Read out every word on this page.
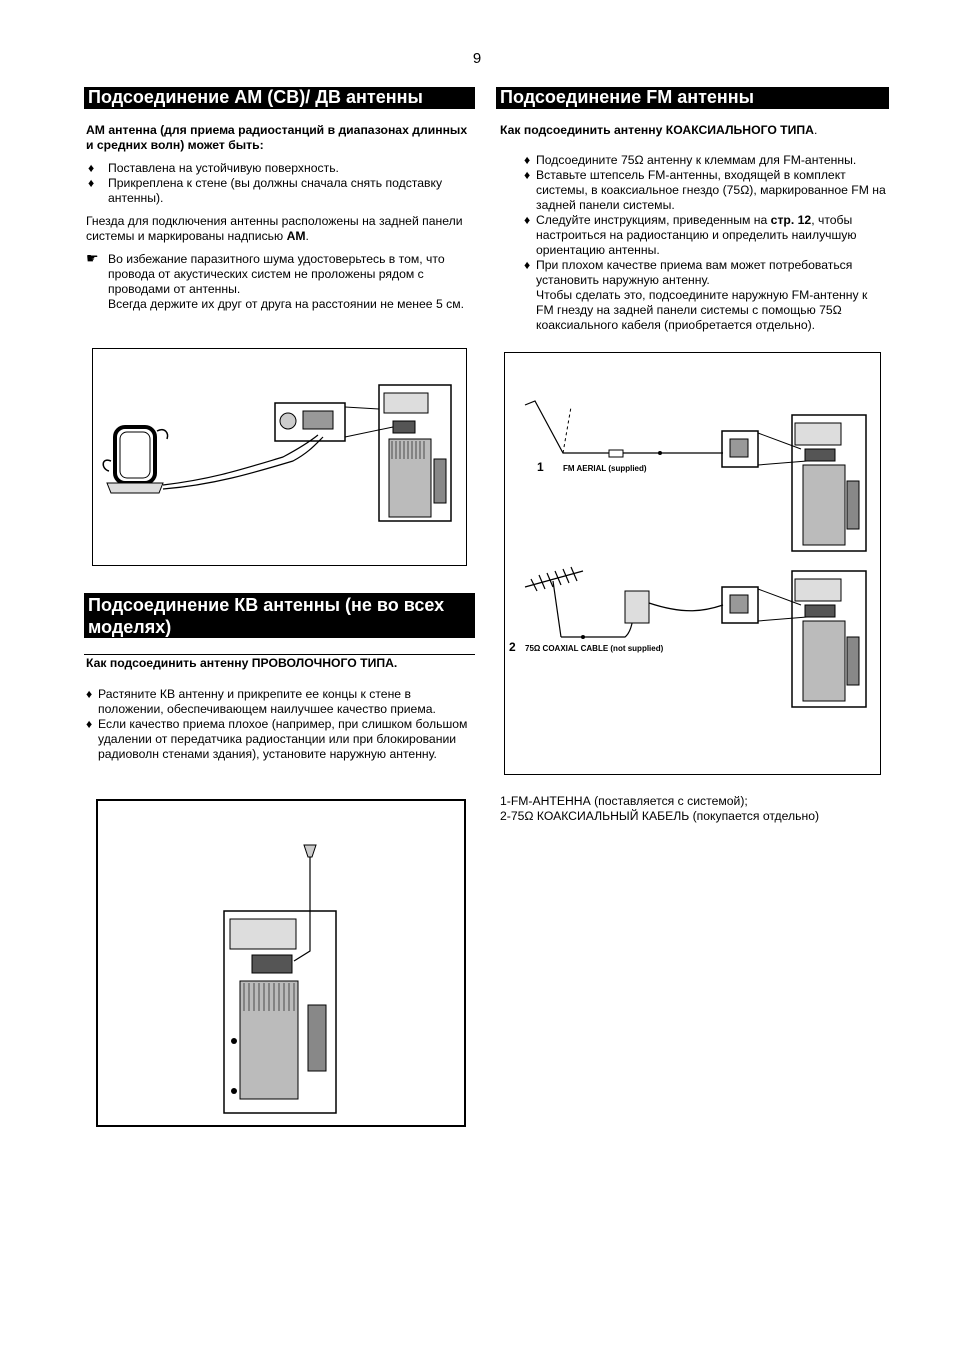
9
Подсоединение АМ (СВ)/ ДВ антенны
АМ антенна (для приема радиостанций в диапазонах длинных и средних волн) может быть:
♦ Поставлена на устойчивую поверхность.
♦ Прикреплена к стене (вы должны сначала снять подставку антенны).
Гнезда для подключения антенны расположены на задней панели системы и маркированы надписью АМ.
☛ Во избежание паразитного шума удостоверьтесь в том, что провода от акустических систем не проложены рядом с проводами от антенны.
Всегда держите их друг от друга на расстоянии не менее 5 см.
Подсоединение КВ антенны (не во всех моделях)
Как подсоединить антенну ПРОВОЛОЧНОГО ТИПА.
♦ Растяните КВ антенну и прикрепите ее концы к стене в положении, обеспечивающем наилучшее качество приема.
♦ Если качество приема плохое (например, при слишком большом удалении от передатчика радиостанции или при блокировании радиоволн стенами здания), установите наружную антенну.
Подсоединение FM антенны
Как подсоединить антенну КОАКСИАЛЬНОГО ТИПА.
♦ Подсоедините 75Ω антенну к клеммам для FM-антенны.
♦ Вставьте штепсель FM-антенны, входящей в комплект системы, в коаксиальное гнездо (75Ω), маркированное FM на задней панели системы.
♦ Следуйте инструкциям, приведенным на стр. 12, чтобы настроиться на радиостанцию и определить наилучшую ориентацию антенны.
♦ При плохом качестве приема вам может потребоваться установить наружную антенну.
Чтобы сделать это, подсоедините наружную FM-антенну к FM гнезду на задней панели системы с помощью 75Ω коаксиального кабеля (приобретается отдельно).
1 FM AERIAL (supplied)
2 75Ω COAXIAL CABLE (not supplied)
1-FM-АНТЕННА (поставляется с системой);
2-75Ω КОАКСИАЛЬНЫЙ КАБЕЛЬ (покупается отдельно)
